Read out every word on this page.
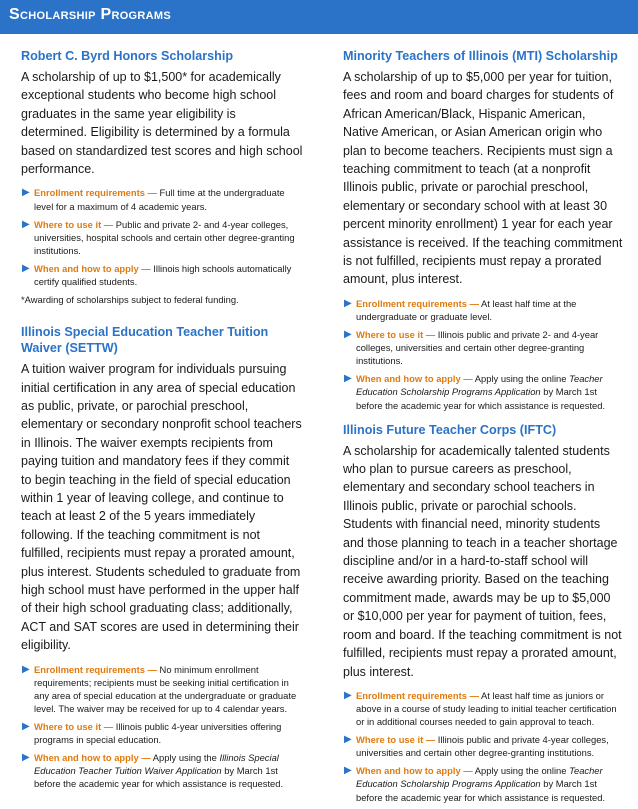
Scholarship Programs
Robert C. Byrd Honors Scholarship

A scholarship of up to $1,500* for academically exceptional students who become high school graduates in the same year eligibility is determined. Eligibility is determined by a formula based on standardized test scores and high school performance.

▶ Enrollment requirements — Full time at the undergraduate level for a maximum of 4 academic years.
▶ Where to use it — Public and private 2- and 4-year colleges, universities, hospital schools and certain other degree-granting institutions.
▶ When and how to apply — Illinois high schools automatically certify qualified students.

*Awarding of scholarships subject to federal funding.

Illinois Special Education Teacher Tuition Waiver (SETTW)

A tuition waiver program for individuals pursuing initial certification in any area of special education as public, private, or parochial preschool, elementary or secondary nonprofit school teachers in Illinois. The waiver exempts recipients from paying tuition and mandatory fees if they commit to begin teaching in the field of special education within 1 year of leaving college, and continue to teach at least 2 of the 5 years immediately following. If the teaching commitment is not fulfilled, recipients must repay a prorated amount, plus interest. Students scheduled to graduate from high school must have performed in the upper half of their high school graduating class; additionally, ACT and SAT scores are used in determining their eligibility.

▶ Enrollment requirements — No minimum enrollment requirements; recipients must be seeking initial certification in any area of special education at the undergraduate or graduate level. The waiver may be received for up to 4 calendar years.
▶ Where to use it — Illinois public 4-year universities offering programs in special education.
▶ When and how to apply — Apply using the Illinois Special Education Teacher Tuition Waiver Application by March 1st before the academic year for which assistance is requested.
Minority Teachers of Illinois (MTI) Scholarship

A scholarship of up to $5,000 per year for tuition, fees and room and board charges for students of African American/Black, Hispanic American, Native American, or Asian American origin who plan to become teachers. Recipients must sign a teaching commitment to teach (at a nonprofit Illinois public, private or parochial preschool, elementary or secondary school with at least 30 percent minority enrollment) 1 year for each year assistance is received. If the teaching commitment is not fulfilled, recipients must repay a prorated amount, plus interest.

▶ Enrollment requirements — At least half time at the undergraduate or graduate level.
▶ Where to use it — Illinois public and private 2- and 4-year colleges, universities and certain other degree-granting institutions.
▶ When and how to apply — Apply using the online Teacher Education Scholarship Programs Application by March 1st before the academic year for which assistance is requested.
Illinois Future Teacher Corps (IFTC)

A scholarship for academically talented students who plan to pursue careers as preschool, elementary and secondary school teachers in Illinois public, private or parochial schools. Students with financial need, minority students and those planning to teach in a teacher shortage discipline and/or in a hard-to-staff school will receive awarding priority. Based on the teaching commitment made, awards may be up to $5,000 or $10,000 per year for payment of tuition, fees, room and board. If the teaching commitment is not fulfilled, recipients must repay a prorated amount, plus interest.

▶ Enrollment requirements — At least half time as juniors or above in a course of study leading to initial teacher certification or in additional courses needed to gain approval to teach.
▶ Where to use it — Illinois public and private 4-year colleges, universities and certain other degree-granting institutions.
▶ When and how to apply — Apply using the online Teacher Education Scholarship Programs Application by March 1st before the academic year for which assistance is requested.
